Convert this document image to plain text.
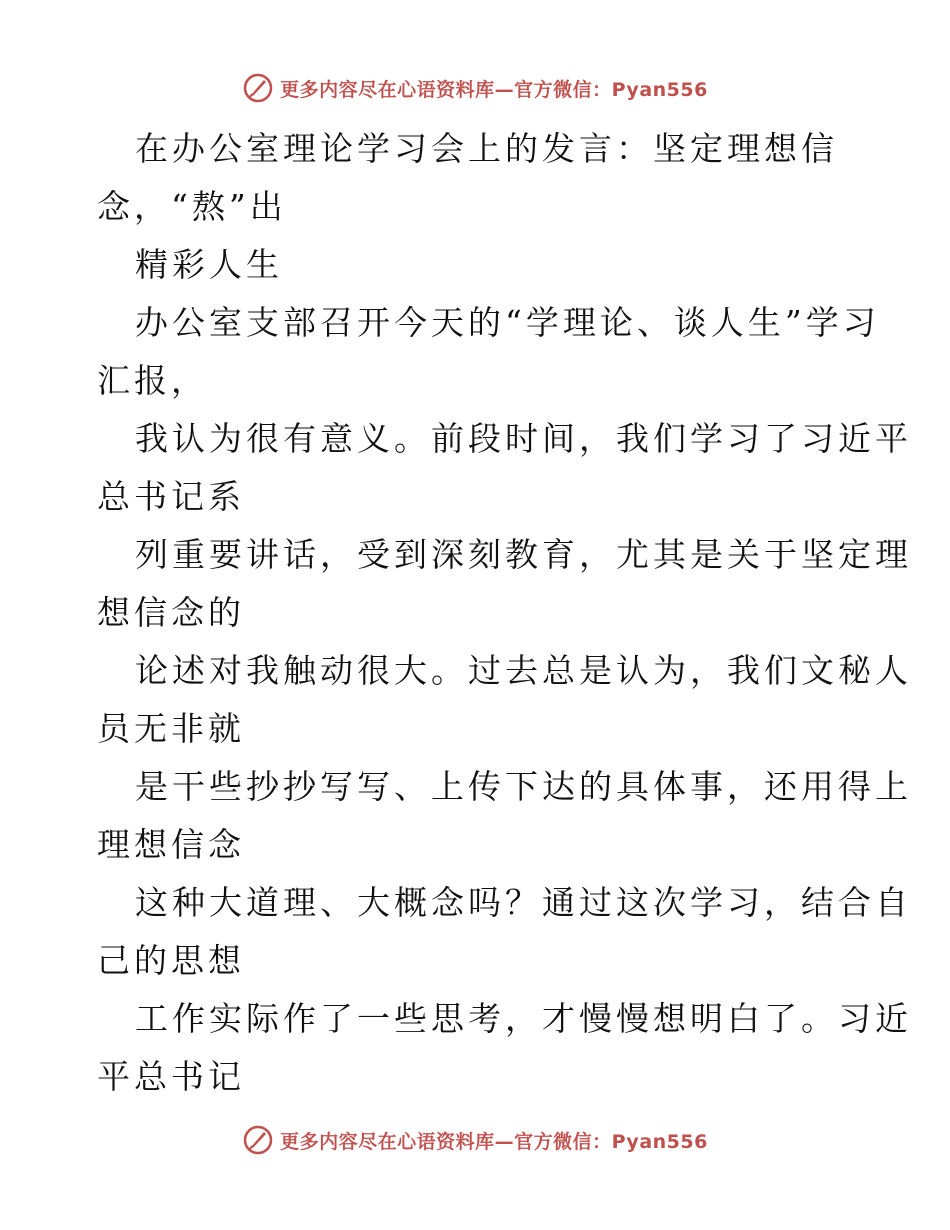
更多内容尽在心语资料库—官方微信：Pyan556
在办公室理论学习会上的发言：坚定理想信
念，“熬”出
精彩人生
办公室支部召开今天的“学理论、谈人生”学习
汇报，
我认为很有意义。前段时间，我们学习了习近平
总书记系
列重要讲话，受到深刻教育，尤其是关于坚定理
想信念的
论述对我触动很大。过去总是认为，我们文秘人
员无非就
是干些抄抄写写、上传下达的具体事，还用得上
理想信念
这种大道理、大概念吗？通过这次学习，结合自
己的思想
工作实际作了一些思考，才慢慢想明白了。习近
平总书记
更多内容尽在心语资料库—官方微信：Pyan556
